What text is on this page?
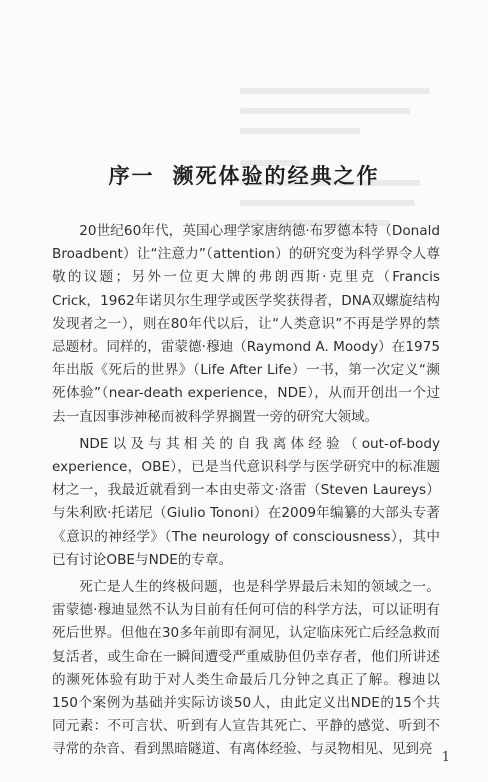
序一 濒死体验的经典之作

20世纪60年代，英国心理学家唐纳德·布罗德本特（Donald Broadbent）让“注意力”（attention）的研究变为科学界令人尊敬的议题；另外一位更大牌的弗朗西斯·克里克（Francis Crick，1962年诺贝尔生理学或医学奖获得者，DNA双螺旋结构发现者之一），则在80年代以后，让“人类意识”不再是学界的禁忌题材。同样的，雷蒙德·穆迪（Raymond A. Moody）在1975年出版《死后的世界》（Life After Life）一书，第一次定义“濒死体验”（near-death experience，NDE），从而开创出一个过去一直因事涉神秘而被科学界搁置一旁的研究大领域。

NDE以及与其相关的自我离体经验（out-of-body experience，OBE），已是当代意识科学与医学研究中的标准题材之一，我最近就看到一本由史蒂文·洛雷（Steven Laureys）与朱利欧·托诺尼（Giulio Tononi）在2009年编纂的大部头专著《意识的神经学》（The neurology of consciousness），其中已有讨论OBE与NDE的专章。

死亡是人生的终极问题，也是科学界最后未知的领域之一。雷蒙德·穆迪显然不认为目前有任何可信的科学方法，可以证明有死后世界。但他在30多年前即有洞见，认定临床死亡后经急救而复活者，或生命在一瞬间遭受严重威胁但仍幸存者，他们所讲述的濒死体验有助于对人类生命最后几分钟之真正了解。穆迪以150个案例为基础并实际访谈50人，由此定义出NDE的15个共同元素：不可言状、听到有人宣告其死亡、平静的感觉、听到不寻常的杂音、看到黑暗隧道、有离体经验、与灵物相见、见到亮

1
